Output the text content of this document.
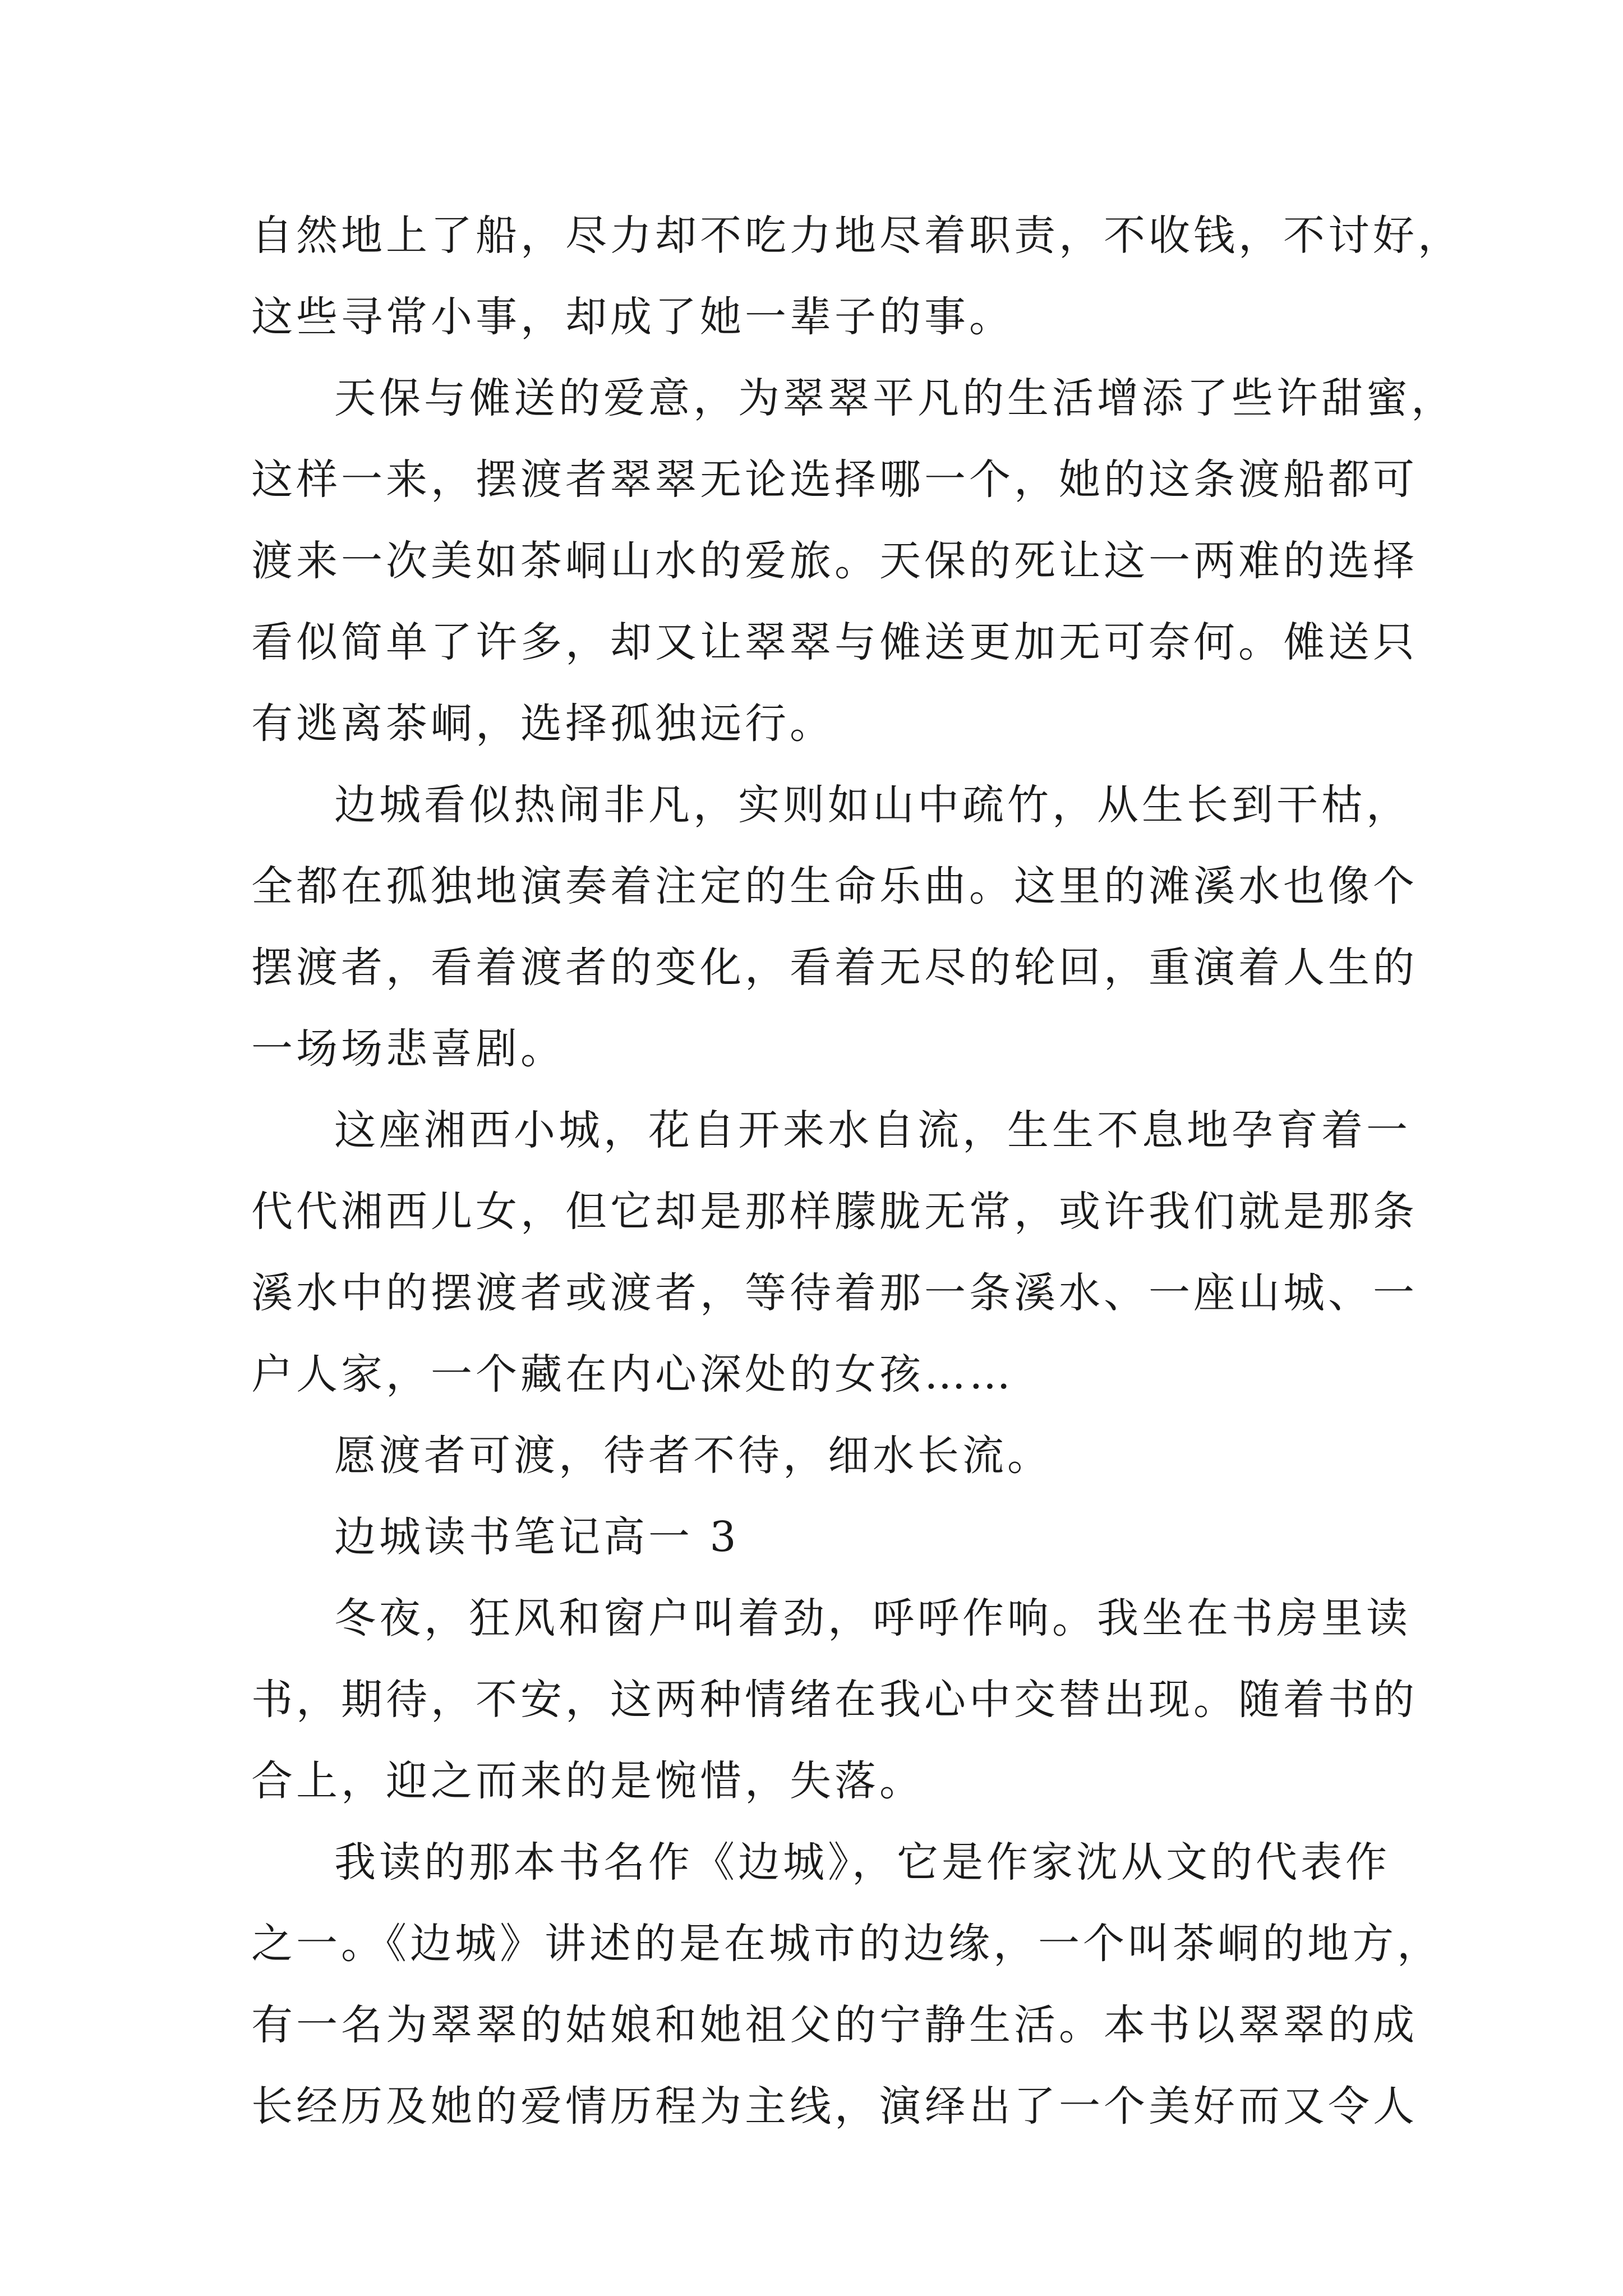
自然地上了船，尽力却不吃力地尽着职责，不收钱，不讨好，
这些寻常小事，却成了她一辈子的事。
天保与傩送的爱意，为翠翠平凡的生活增添了些许甜蜜，
这样一来，摆渡者翠翠无论选择哪一个，她的这条渡船都可
渡来一次美如茶峒山水的爱旅。天保的死让这一两难的选择
看似简单了许多，却又让翠翠与傩送更加无可奈何。傩送只
有逃离茶峒，选择孤独远行。
边城看似热闹非凡，实则如山中疏竹，从生长到干枯，
全都在孤独地演奏着注定的生命乐曲。这里的滩溪水也像个
摆渡者，看着渡者的变化，看着无尽的轮回，重演着人生的
一场场悲喜剧。
这座湘西小城，花自开来水自流，生生不息地孕育着一
代代湘西儿女，但它却是那样朦胧无常，或许我们就是那条
溪水中的摆渡者或渡者，等待着那一条溪水、一座山城、一
户人家，一个藏在内心深处的女孩……
愿渡者可渡，待者不待，细水长流。
边城读书笔记高一 3
冬夜，狂风和窗户叫着劲，呼呼作响。我坐在书房里读
书，期待，不安，这两种情绪在我心中交替出现。随着书的
合上，迎之而来的是惋惜，失落。
我读的那本书名作《边城》，它是作家沈从文的代表作
之一。《边城》讲述的是在城市的边缘，一个叫茶峒的地方，
有一名为翠翠的姑娘和她祖父的宁静生活。本书以翠翠的成
长经历及她的爱情历程为主线，演绎出了一个美好而又令人
